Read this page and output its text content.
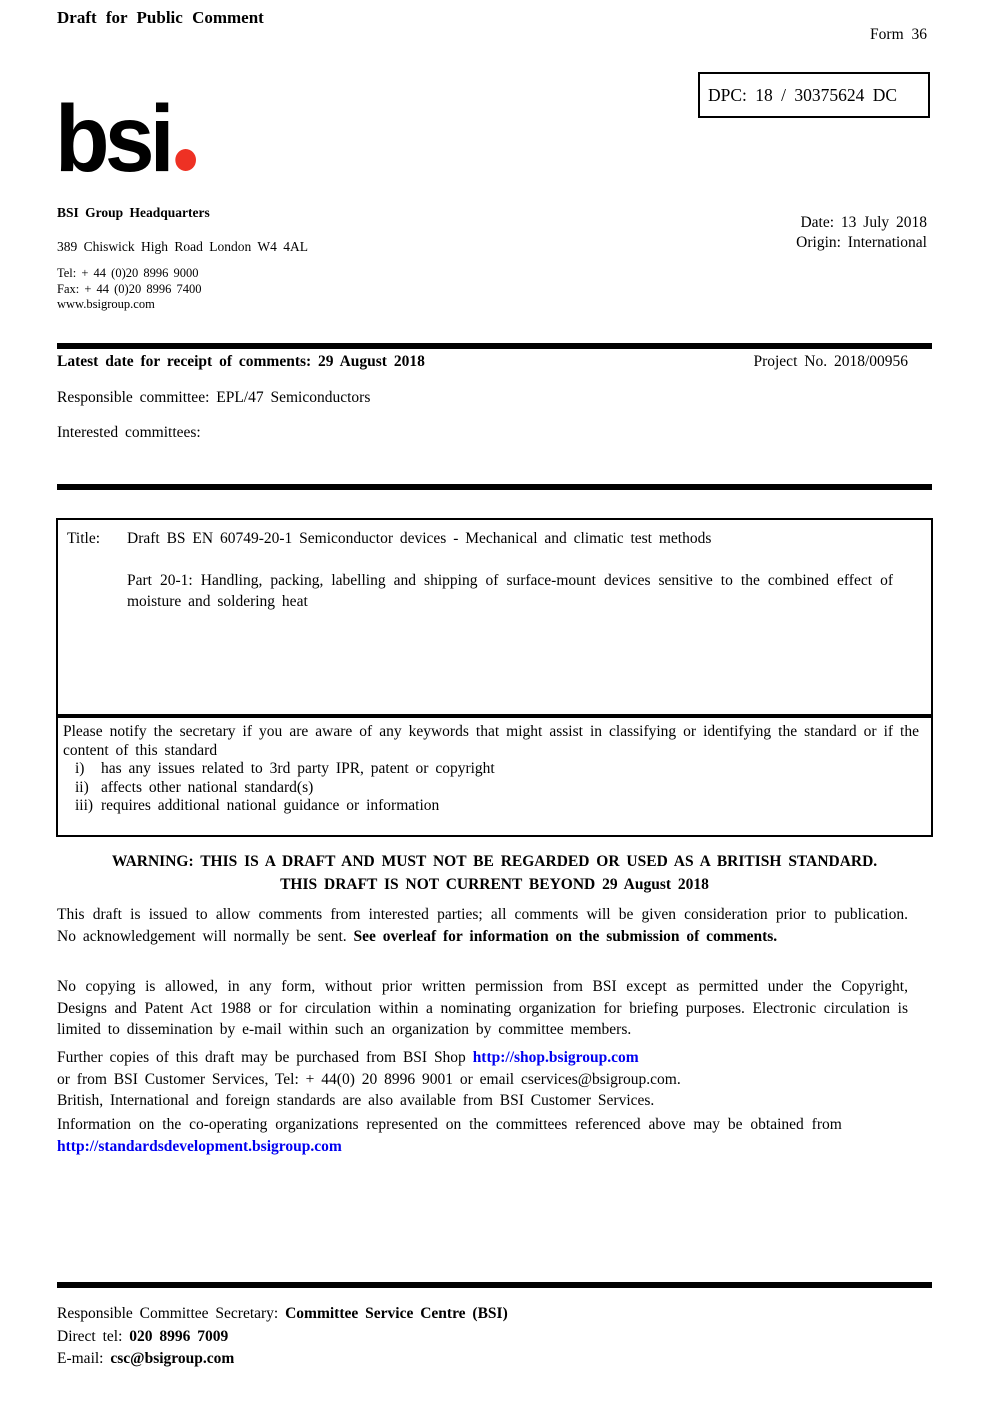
Draft for Public Comment
Form 36
DPC: 18 / 30375624 DC
bsi
BSI Group Headquarters
389 Chiswick High Road London W4 4AL
Tel: + 44 (0)20 8996 9000
Fax: + 44 (0)20 8996 7400
www.bsigroup.com
Date: 13 July 2018
Origin: International
Latest date for receipt of comments: 29 August 2018	Project No. 2018/00956
Responsible committee: EPL/47 Semiconductors
Interested committees:
Title:	Draft BS EN 60749-20-1 Semiconductor devices - Mechanical and climatic test methods
Part 20-1: Handling, packing, labelling and shipping of surface-mount devices sensitive to the combined effect of moisture and soldering heat
Please notify the secretary if you are aware of any keywords that might assist in classifying or identifying the standard or if the content of this standard
i) has any issues related to 3rd party IPR, patent or copyright
ii) affects other national standard(s)
iii) requires additional national guidance or information
WARNING: THIS IS A DRAFT AND MUST NOT BE REGARDED OR USED AS A BRITISH STANDARD.
THIS DRAFT IS NOT CURRENT BEYOND 29 August 2018
This draft is issued to allow comments from interested parties; all comments will be given consideration prior to publication. No acknowledgement will normally be sent. See overleaf for information on the submission of comments.
No copying is allowed, in any form, without prior written permission from BSI except as permitted under the Copyright, Designs and Patent Act 1988 or for circulation within a nominating organization for briefing purposes. Electronic circulation is limited to dissemination by e-mail within such an organization by committee members.
Further copies of this draft may be purchased from BSI Shop http://shop.bsigroup.com
or from BSI Customer Services, Tel: + 44(0) 20 8996 9001 or email cservices@bsigroup.com.
British, International and foreign standards are also available from BSI Customer Services.
Information on the co-operating organizations represented on the committees referenced above may be obtained from
http://standardsdevelopment.bsigroup.com
Responsible Committee Secretary: Committee Service Centre (BSI)
Direct tel: 020 8996 7009
E-mail: csc@bsigroup.com
